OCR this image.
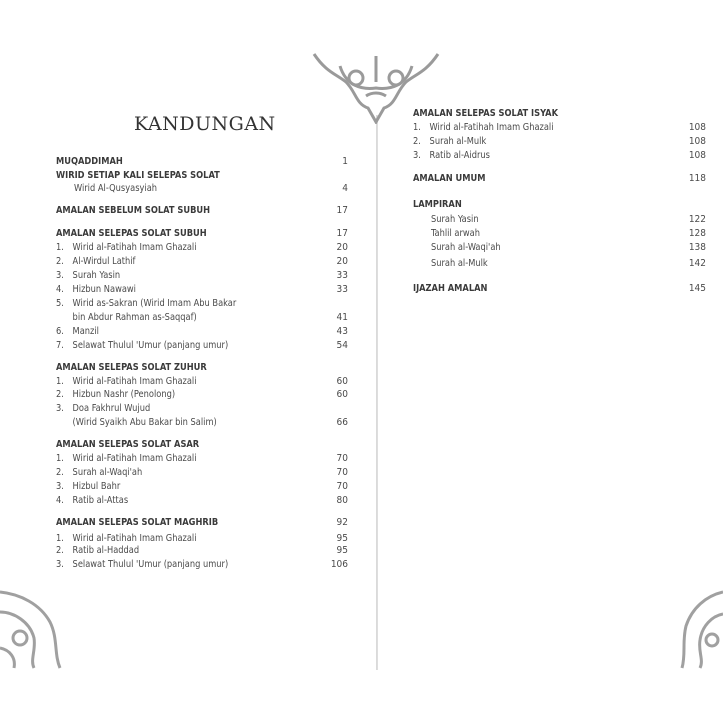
KANDUNGAN
MUQADDIMAH	1
WIRID SETIAP KALI SELEPAS SOLAT
Wirid Al-Qusyasyiah	4
AMALAN SEBELUM SOLAT SUBUH	17
AMALAN SELEPAS SOLAT SUBUH	17
1. Wirid al-Fatihah Imam Ghazali	20
2. Al-Wirdul Lathif	20
3. Surah Yasin	33
4. Hizbun Nawawi	33
5. Wirid as-Sakran (Wirid Imam Abu Bakar
bin Abdur Rahman as-Saqqaf)	41
6. Manzil	43
7. Selawat Thulul 'Umur (panjang umur)	54
AMALAN SELEPAS SOLAT ZUHUR
1. Wirid al-Fatihah Imam Ghazali	60
2. Hizbun Nashr (Penolong)	60
3. Doa Fakhrul Wujud
(Wirid Syaikh Abu Bakar bin Salim)	66
AMALAN SELEPAS SOLAT ASAR
1. Wirid al-Fatihah Imam Ghazali	70
2. Surah al-Waqi'ah	70
3. Hizbul Bahr	70
4. Ratib al-Attas	80
AMALAN SELEPAS SOLAT MAGHRIB	92
1. Wirid al-Fatihah Imam Ghazali	95
2. Ratib al-Haddad	95
3. Selawat Thulul 'Umur (panjang umur)	106
AMALAN SELEPAS SOLAT ISYAK
1. Wirid al-Fatihah Imam Ghazali	108
2. Surah al-Mulk	108
3. Ratib al-Aidrus	108
AMALAN UMUM	118
LAMPIRAN
Surah Yasin	122
Tahlil arwah	128
Surah al-Waqi'ah	138
Surah al-Mulk	142
IJAZAH AMALAN	145
